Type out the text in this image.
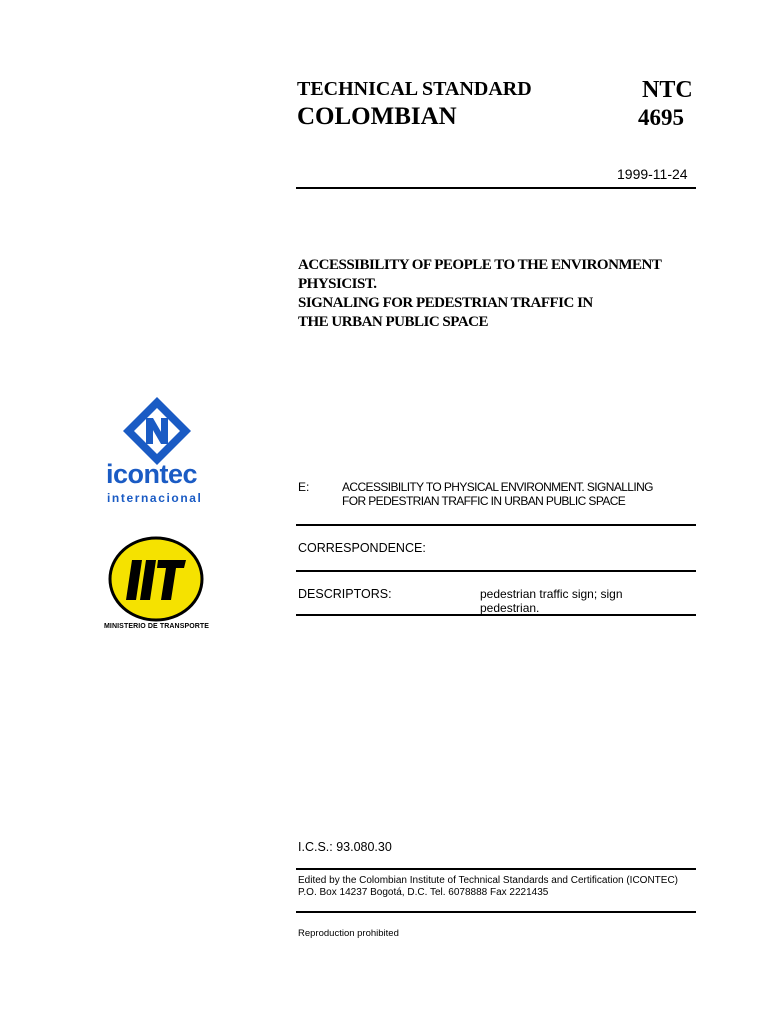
TECHNICAL STANDARD
COLOMBIAN
NTC
4695
1999-11-24
ACCESSIBILITY OF PEOPLE TO THE ENVIRONMENT
PHYSICIST.
SIGNALING FOR PEDESTRIAN TRAFFIC IN
THE URBAN PUBLIC SPACE
icontec
internacional
E:	ACCESSIBILITY TO PHYSICAL ENVIRONMENT. SIGNALLING
FOR PEDESTRIAN TRAFFIC IN URBAN PUBLIC SPACE
CORRESPONDENCE:
MINISTERIO DE TRANSPORTE
DESCRIPTORS:	pedestrian traffic sign; sign
pedestrian.
I.C.S.: 93.080.30
Edited by the Colombian Institute of Technical Standards and Certification (ICONTEC)
P.O. Box 14237 Bogotá, D.C. Tel. 6078888 Fax 2221435
Reproduction prohibited
